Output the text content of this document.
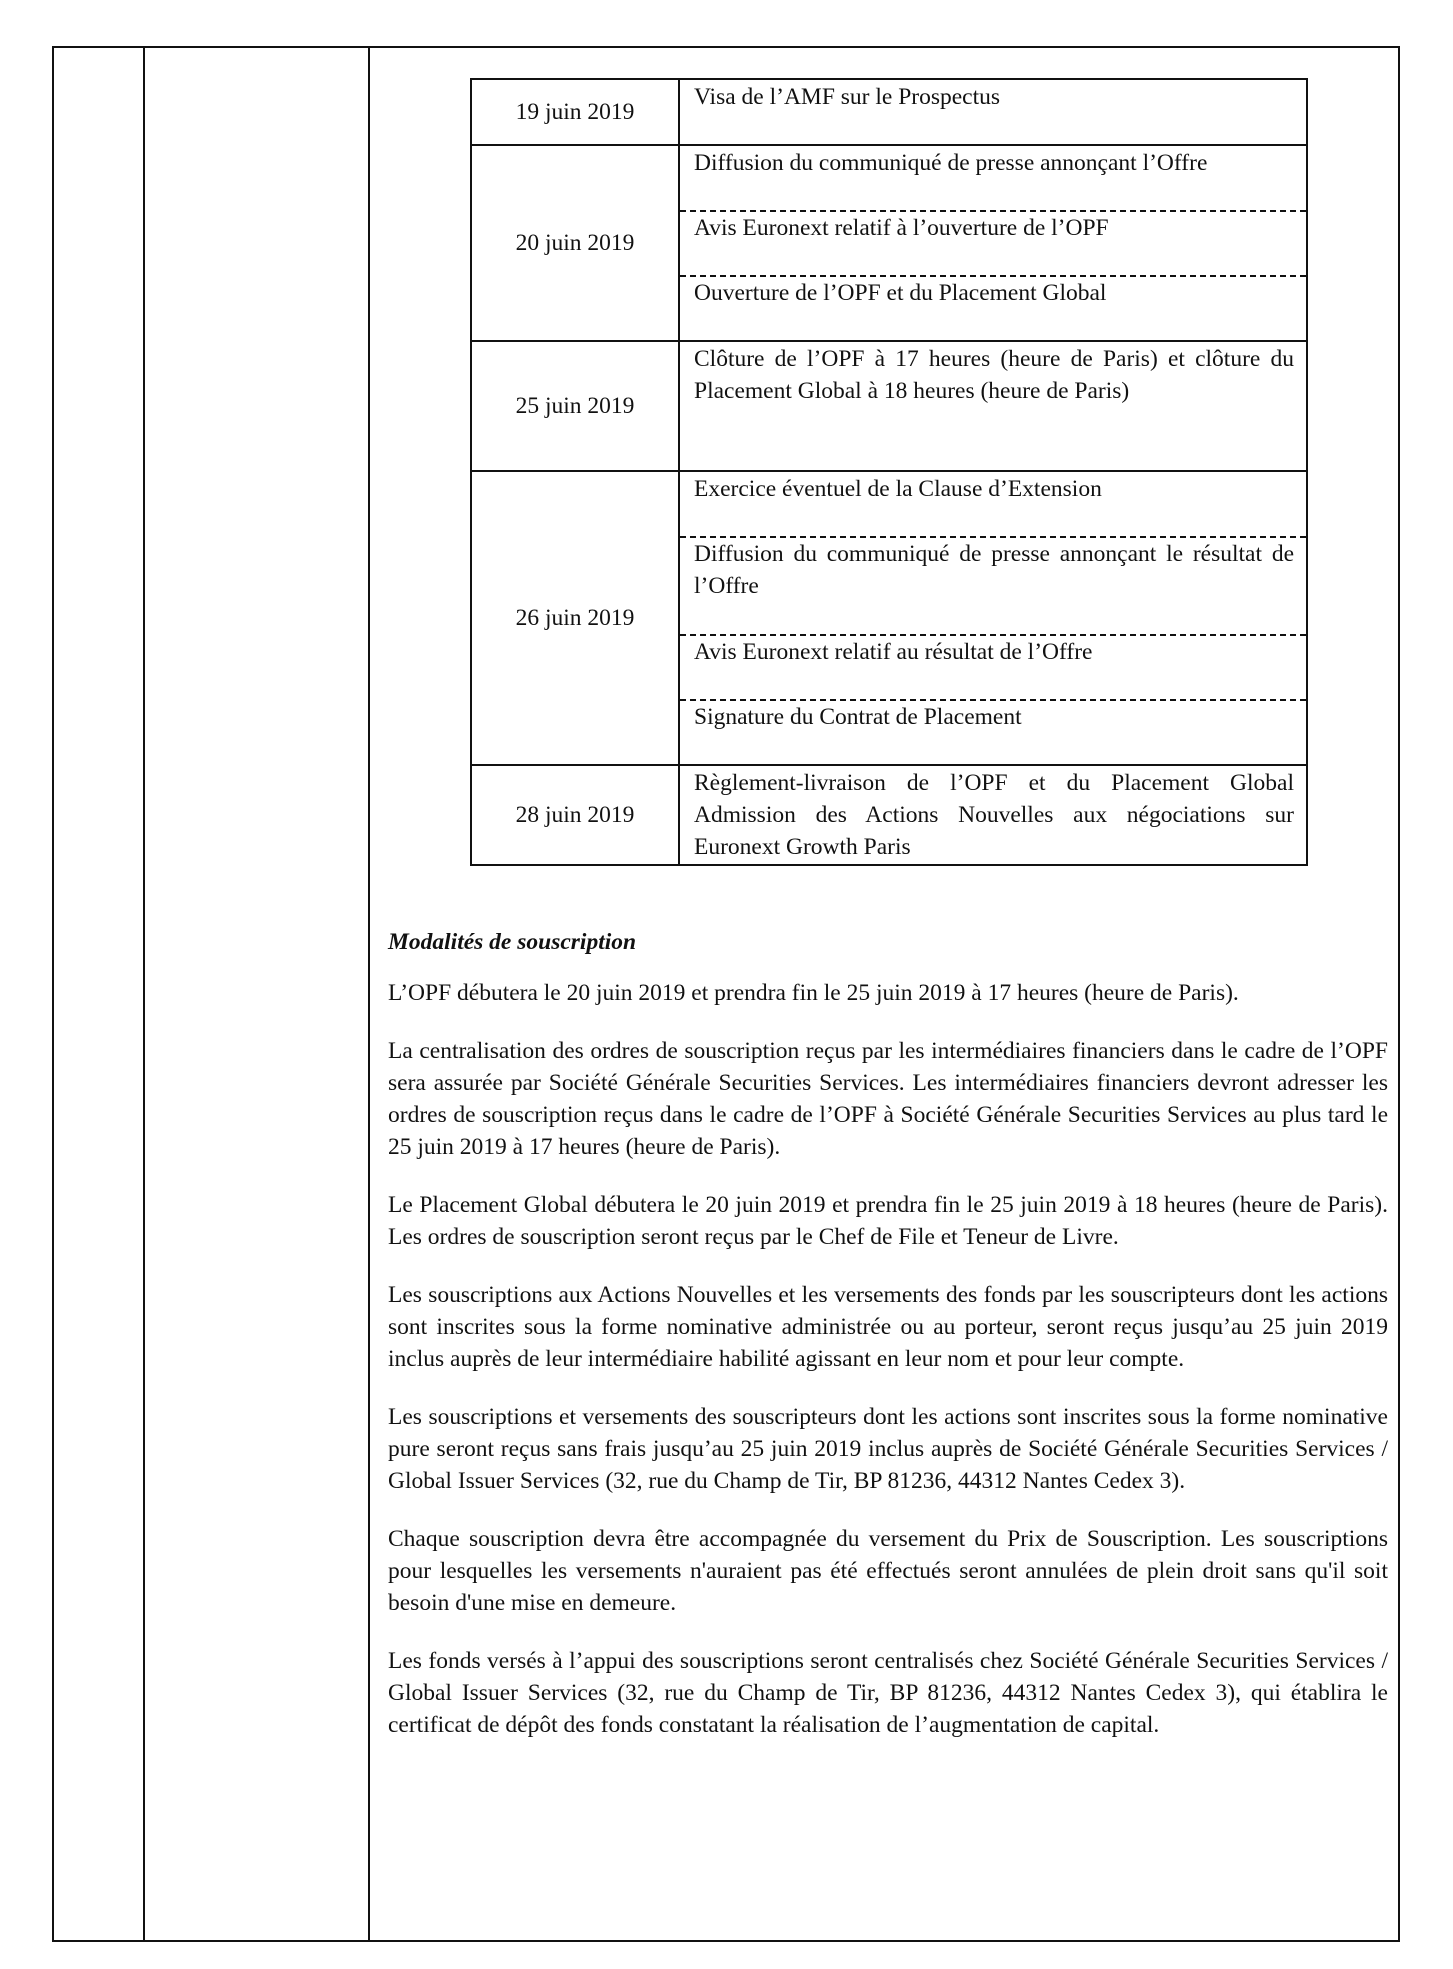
19 juin 2019	Visa de l’AMF sur le Prospectus

20 juin 2019	Diffusion du communiqué de presse annonçant l’Offre
Avis Euronext relatif à l’ouverture de l’OPF
Ouverture de l’OPF et du Placement Global

25 juin 2019	Clôture de l’OPF à 17 heures (heure de Paris) et clôture du Placement Global à 18 heures (heure de Paris)

26 juin 2019	Exercice éventuel de la Clause d’Extension
Diffusion du communiqué de presse annonçant le résultat de l’Offre
Avis Euronext relatif au résultat de l’Offre
Signature du Contrat de Placement

28 juin 2019	Règlement-livraison de l’OPF et du Placement Global Admission des Actions Nouvelles aux négociations sur Euronext Growth Paris
Modalités de souscription

L’OPF débutera le 20 juin 2019 et prendra fin le 25 juin 2019 à 17 heures (heure de Paris).

La centralisation des ordres de souscription reçus par les intermédiaires financiers dans le cadre de l’OPF sera assurée par Société Générale Securities Services. Les intermédiaires financiers devront adresser les ordres de souscription reçus dans le cadre de l’OPF à Société Générale Securities Services au plus tard le 25 juin 2019 à 17 heures (heure de Paris).

Le Placement Global débutera le 20 juin 2019 et prendra fin le 25 juin 2019 à 18 heures (heure de Paris). Les ordres de souscription seront reçus par le Chef de File et Teneur de Livre.

Les souscriptions aux Actions Nouvelles et les versements des fonds par les souscripteurs dont les actions sont inscrites sous la forme nominative administrée ou au porteur, seront reçus jusqu’au 25 juin 2019 inclus auprès de leur intermédiaire habilité agissant en leur nom et pour leur compte.

Les souscriptions et versements des souscripteurs dont les actions sont inscrites sous la forme nominative pure seront reçus sans frais jusqu’au 25 juin 2019 inclus auprès de Société Générale Securities Services / Global Issuer Services (32, rue du Champ de Tir, BP 81236, 44312 Nantes Cedex 3).

Chaque souscription devra être accompagnée du versement du Prix de Souscription. Les souscriptions pour lesquelles les versements n'auraient pas été effectués seront annulées de plein droit sans qu'il soit besoin d'une mise en demeure.

Les fonds versés à l’appui des souscriptions seront centralisés chez Société Générale Securities Services / Global Issuer Services (32, rue du Champ de Tir, BP 81236, 44312 Nantes Cedex 3), qui établira le certificat de dépôt des fonds constatant la réalisation de l’augmentation de capital.
